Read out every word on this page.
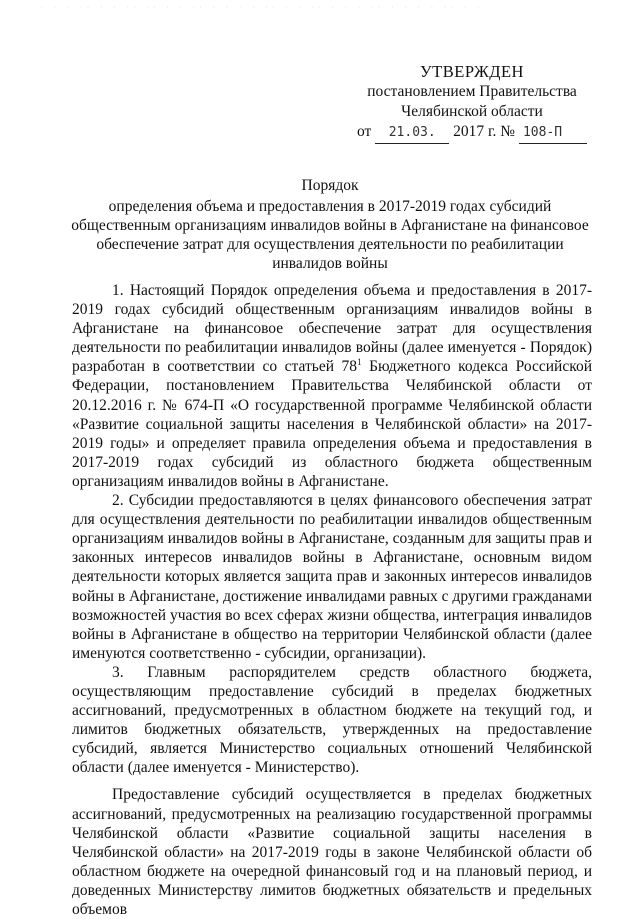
· · · ·· · · ·· ·· · · ·· · · · · ·· · · ·· · · · ·· · · · · ·· · ·
УТВЕРЖДЕН
постановлением Правительства
Челябинской области
от 21.03. 2017 г. № 108-П
Порядок
определения объема и предоставления в 2017-2019 годах субсидий
общественным организациям инвалидов войны в Афганистане на финансовое
обеспечение затрат для осуществления деятельности по реабилитации
инвалидов войны

1. Настоящий Порядок определения объема и предоставления в 2017-2019 годах субсидий общественным организациям инвалидов войны в Афганистане на финансовое обеспечение затрат для осуществления деятельности по реабилитации инвалидов войны (далее именуется - Порядок) разработан в соответствии со статьей $78^1$ Бюджетного кодекса Российской Федерации, постановлением Правительства Челябинской области от 20.12.2016 г. № 674-П «О государственной программе Челябинской области «Развитие социальной защиты населения в Челябинской области» на 2017-2019 годы» и определяет правила определения объема и предоставления в 2017-2019 годах субсидий из областного бюджета общественным организациям инвалидов войны в Афганистане.

2. Субсидии предоставляются в целях финансового обеспечения затрат для осуществления деятельности по реабилитации инвалидов общественным организациям инвалидов войны в Афганистане, созданным для защиты прав и законных интересов инвалидов войны в Афганистане, основным видом деятельности которых является защита прав и законных интересов инвалидов войны в Афганистане, достижение инвалидами равных с другими гражданами возможностей участия во всех сферах жизни общества, интеграция инвалидов войны в Афганистане в общество на территории Челябинской области (далее именуются соответственно - субсидии, организации).

3. Главным распорядителем средств областного бюджета, осуществляющим предоставление субсидий в пределах бюджетных ассигнований, предусмотренных в областном бюджете на текущий год, и лимитов бюджетных обязательств, утвержденных на предоставление субсидий, является Министерство социальных отношений Челябинской области (далее именуется - Министерство).

Предоставление субсидий осуществляется в пределах бюджетных ассигнований, предусмотренных на реализацию государственной программы Челябинской области «Развитие социальной защиты населения в Челябинской области» на 2017-2019 годы в законе Челябинской области об областном бюджете на очередной финансовый год и на плановый период, и доведенных Министерству лимитов бюджетных обязательств и предельных объемов
